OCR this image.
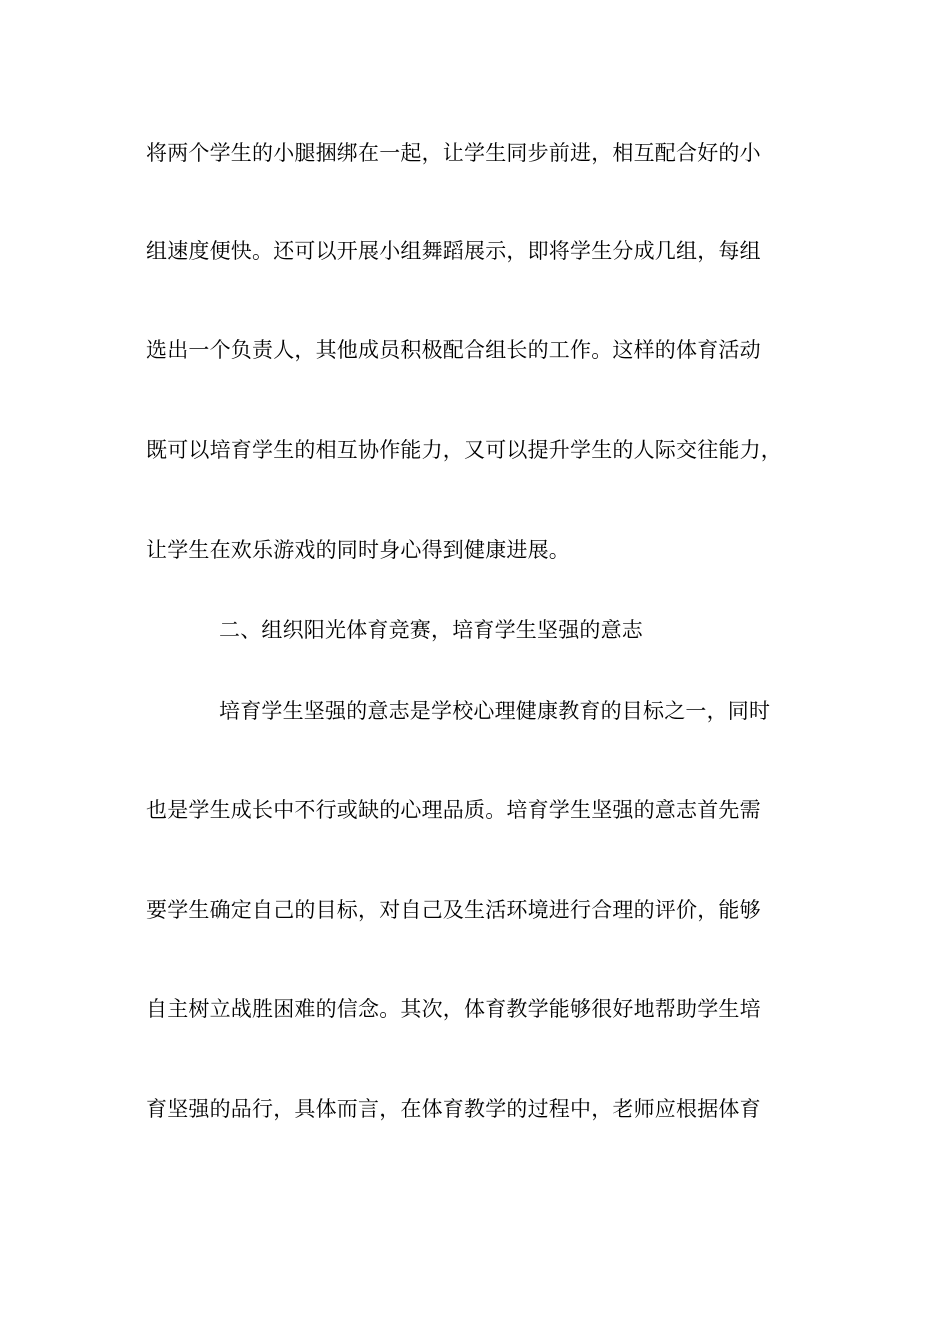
将两个学生的小腿捆绑在一起，让学生同步前进，相互配合好的小
组速度便快。还可以开展小组舞蹈展示，即将学生分成几组，每组
选出一个负责人，其他成员积极配合组长的工作。这样的体育活动
既可以培育学生的相互协作能力，又可以提升学生的人际交往能力，
让学生在欢乐游戏的同时身心得到健康进展。
二、组织阳光体育竞赛，培育学生坚强的意志
培育学生坚强的意志是学校心理健康教育的目标之一，同时
也是学生成长中不行或缺的心理品质。培育学生坚强的意志首先需
要学生确定自己的目标，对自己及生活环境进行合理的评价，能够
自主树立战胜困难的信念。其次，体育教学能够很好地帮助学生培
育坚强的品行，具体而言，在体育教学的过程中，老师应根据体育
